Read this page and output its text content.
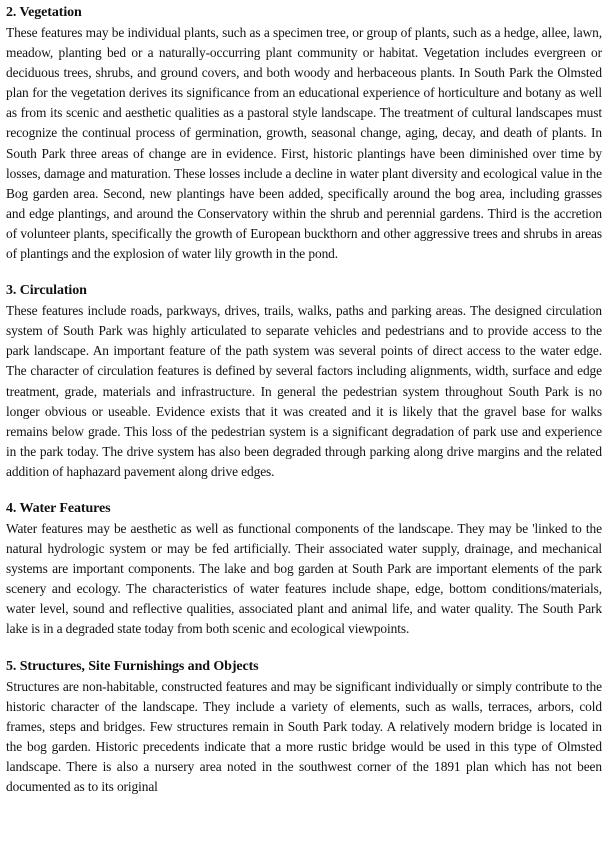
2. Vegetation

These features may be individual plants, such as a specimen tree, or group of plants, such as a hedge, allee, lawn, meadow, planting bed or a naturally-occurring plant community or habitat. Vegetation includes evergreen or deciduous trees, shrubs, and ground covers, and both woody and herbaceous plants. In South Park the Olmsted plan for the vegetation derives its significance from an educational experience of horticulture and botany as well as from its scenic and aesthetic qualities as a pastoral style landscape. The treatment of cultural landscapes must recognize the continual process of germination, growth, seasonal change, aging, decay, and death of plants. In South Park three areas of change are in evidence. First, historic plantings have been diminished over time by losses, damage and maturation. These losses include a decline in water plant diversity and ecological value in the Bog garden area. Second, new plantings have been added, specifically around the bog area, including grasses and edge plantings, and around the Conservatory within the shrub and perennial gardens. Third is the accretion of volunteer plants, specifically the growth of European buckthorn and other aggressive trees and shrubs in areas of plantings and the explosion of water lily growth in the pond.

3. Circulation

These features include roads, parkways, drives, trails, walks, paths and parking areas. The designed circulation system of South Park was highly articulated to separate vehicles and pedestrians and to provide access to the park landscape. An important feature of the path system was several points of direct access to the water edge. The character of circulation features is defined by several factors including alignments, width, surface and edge treatment, grade, materials and infrastructure. In general the pedestrian system throughout South Park is no longer obvious or useable. Evidence exists that it was created and it is likely that the gravel base for walks remains below grade. This loss of the pedestrian system is a significant degradation of park use and experience in the park today. The drive system has also been degraded through parking along drive margins and the related addition of haphazard pavement along drive edges.

4. Water Features

Water features may be aesthetic as well as functional components of the landscape. They may be 'linked to the natural hydrologic system or may be fed artificially. Their associated water supply, drainage, and mechanical systems are important components. The lake and bog garden at South Park are important elements of the park scenery and ecology. The characteristics of water features include shape, edge, bottom conditions/materials, water level, sound and reflective qualities, associated plant and animal life, and water quality. The South Park lake is in a degraded state today from both scenic and ecological viewpoints.

5. Structures, Site Furnishings and Objects

Structures are non-habitable, constructed features and may be significant individually or simply contribute to the historic character of the landscape. They include a variety of elements, such as walls, terraces, arbors, cold frames, steps and bridges. Few structures remain in South Park today. A relatively modern bridge is located in the bog garden. Historic precedents indicate that a more rustic bridge would be used in this type of Olmsted landscape. There is also a nursery area noted in the southwest corner of the 1891 plan which has not been documented as to its original
